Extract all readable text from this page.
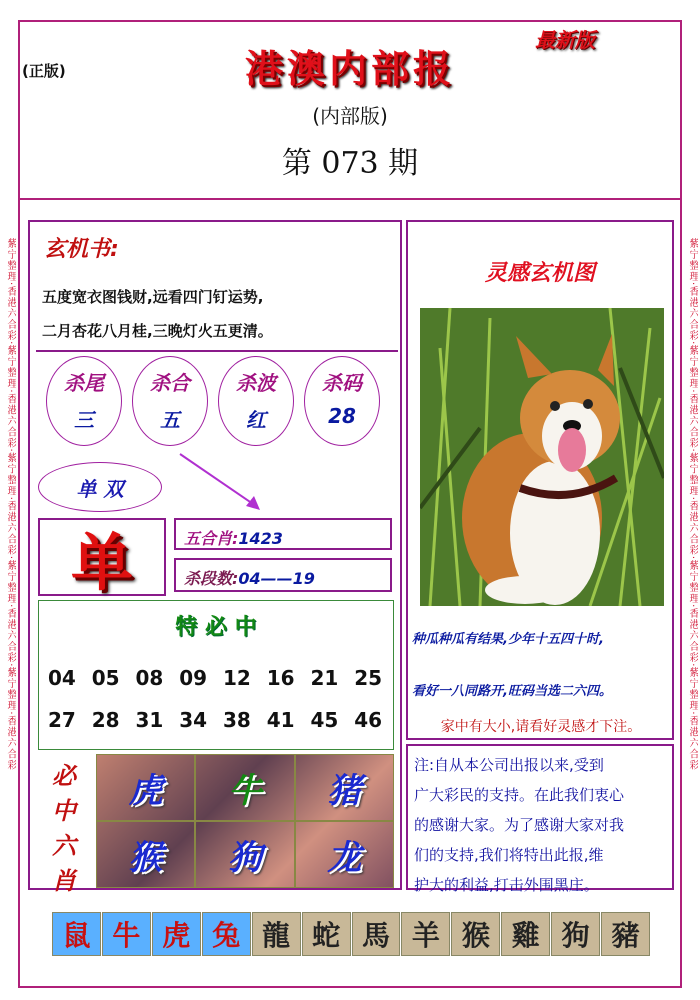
紫宁整理·香港六合彩·紫宁整理·香港六合彩·紫宁整理·香港六合彩·紫宁整理·香港六合彩·紫宁整理·香港六合彩	紫宁整理·香港六合彩·紫宁整理·香港六合彩·紫宁整理·香港六合彩·紫宁整理·香港六合彩·紫宁整理·香港六合彩
(正版)
最新版
港澳内部报
(内部版)
第 073 期
玄机书:
五度宽衣图钱财,远看四门钉运势,
二月杏花八月桂,三晚灯火五更清。
杀尾
三
杀合
五
杀波
红
杀码
28
单 双
单	五合肖:1423
杀段数:04——19
特 必 中
04 05 08 09 12 16 21 25
27 28 31 34 38 41 45 46
必
中
六
肖
虎	牛	猪
猴	狗	龙
灵感玄机图
种瓜种瓜有结果,少年十五四十时,
看好一八同路开,旺码当选二六四。
家中有大小,请看好灵感才下注。
注:自从本公司出报以来,受到
广大彩民的支持。在此我们衷心
的感谢大家。为了感谢大家对我
们的支持,我们将特出此报,维
护大的利益,打击外围黑庄。
鼠 牛 虎 兔 龍 蛇 馬 羊 猴 雞 狗 豬
